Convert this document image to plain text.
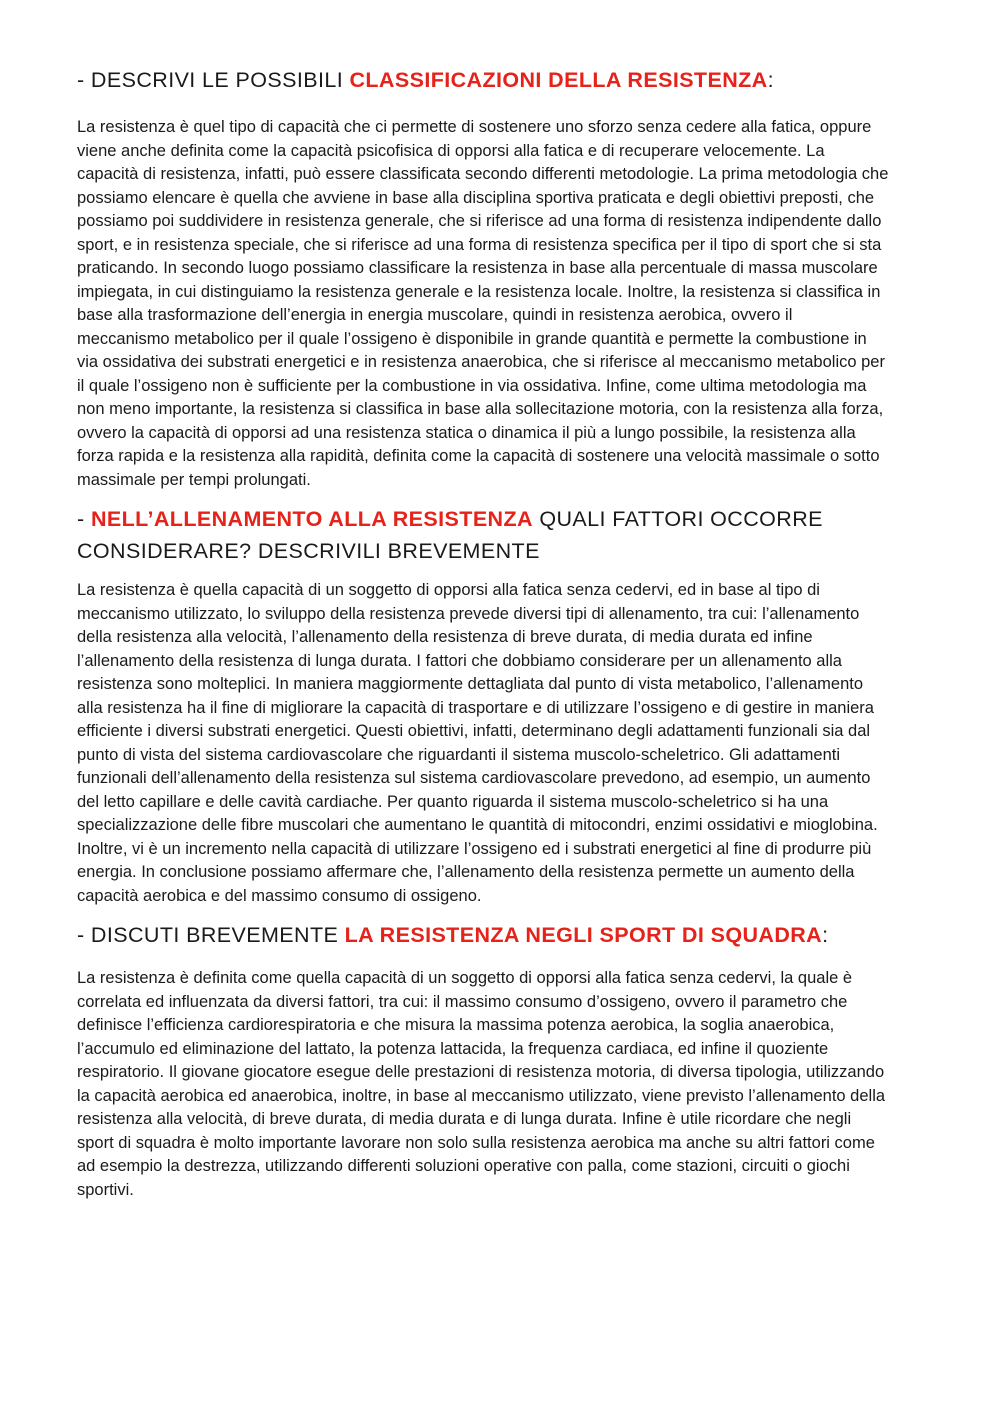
- DESCRIVI LE POSSIBILI CLASSIFICAZIONI DELLA RESISTENZA:

La resistenza è quel tipo di capacità che ci permette di sostenere uno sforzo senza cedere alla fatica, oppure viene anche definita come la capacità psicofisica di opporsi alla fatica e di recuperare velocemente. La capacità di resistenza, infatti, può essere classificata secondo differenti metodologie. La prima metodologia che possiamo elencare è quella che avviene in base alla disciplina sportiva praticata e degli obiettivi preposti, che possiamo poi suddividere in resistenza generale, che si riferisce ad una forma di resistenza indipendente dallo sport, e in resistenza speciale, che si riferisce ad una forma di resistenza specifica per il tipo di sport che si sta praticando. In secondo luogo possiamo classificare la resistenza in base alla percentuale di massa muscolare impiegata, in cui distinguiamo la resistenza generale e la resistenza locale. Inoltre, la resistenza si classifica in base alla trasformazione dell’energia in energia muscolare, quindi in resistenza aerobica, ovvero il meccanismo metabolico per il quale l’ossigeno è disponibile in grande quantità e permette la combustione in via ossidativa dei substrati energetici e in resistenza anaerobica, che si riferisce al meccanismo metabolico per il quale l’ossigeno non è sufficiente per la combustione in via ossidativa. Infine, come ultima metodologia ma non meno importante, la resistenza si classifica in base alla sollecitazione motoria, con la resistenza alla forza, ovvero la capacità di opporsi ad una resistenza statica o dinamica il più a lungo possibile, la resistenza alla forza rapida e la resistenza alla rapidità, definita come la capacità di sostenere una velocità massimale o sotto massimale per tempi prolungati.

- NELL’ALLENAMENTO ALLA RESISTENZA QUALI FATTORI OCCORRE CONSIDERARE? DESCRIVILI BREVEMENTE

La resistenza è quella capacità di un soggetto di opporsi alla fatica senza cedervi, ed in base al tipo di meccanismo utilizzato, lo sviluppo della resistenza prevede diversi tipi di allenamento, tra cui: l’allenamento della resistenza alla velocità, l’allenamento della resistenza di breve durata, di media durata ed infine l’allenamento della resistenza di lunga durata. I fattori che dobbiamo considerare per un allenamento alla resistenza sono molteplici. In maniera maggiormente dettagliata dal punto di vista metabolico, l’allenamento alla resistenza ha il fine di migliorare la capacità di trasportare e di utilizzare l’ossigeno e di gestire in maniera efficiente i diversi substrati energetici. Questi obiettivi, infatti, determinano degli adattamenti funzionali sia dal punto di vista del sistema cardiovascolare che riguardanti il sistema muscolo-scheletrico. Gli adattamenti funzionali dell’allenamento della resistenza sul sistema cardiovascolare prevedono, ad esempio, un aumento del letto capillare e delle cavità cardiache. Per quanto riguarda il sistema muscolo-scheletrico si ha una specializzazione delle fibre muscolari che aumentano le quantità di mitocondri, enzimi ossidativi e mioglobina. Inoltre, vi è un incremento nella capacità di utilizzare l’ossigeno ed i substrati energetici al fine di produrre più energia. In conclusione possiamo affermare che, l’allenamento della resistenza permette un aumento della capacità aerobica e del massimo consumo di ossigeno.

- DISCUTI BREVEMENTE LA RESISTENZA NEGLI SPORT DI SQUADRA:

La resistenza è definita come quella capacità di un soggetto di opporsi alla fatica senza cedervi, la quale è correlata ed influenzata da diversi fattori, tra cui: il massimo consumo d’ossigeno, ovvero il parametro che definisce l’efficienza cardiorespiratoria e che misura la massima potenza aerobica, la soglia anaerobica, l’accumulo ed eliminazione del lattato, la potenza lattacida, la frequenza cardiaca, ed infine il quoziente respiratorio. Il giovane giocatore esegue delle prestazioni di resistenza motoria, di diversa tipologia, utilizzando la capacità aerobica ed anaerobica, inoltre, in base al meccanismo utilizzato, viene previsto l’allenamento della resistenza alla velocità, di breve durata, di media durata e di lunga durata. Infine è utile ricordare che negli sport di squadra è molto importante lavorare non solo sulla resistenza aerobica ma anche su altri fattori come ad esempio la destrezza, utilizzando differenti soluzioni operative con palla, come stazioni, circuiti o giochi sportivi.
